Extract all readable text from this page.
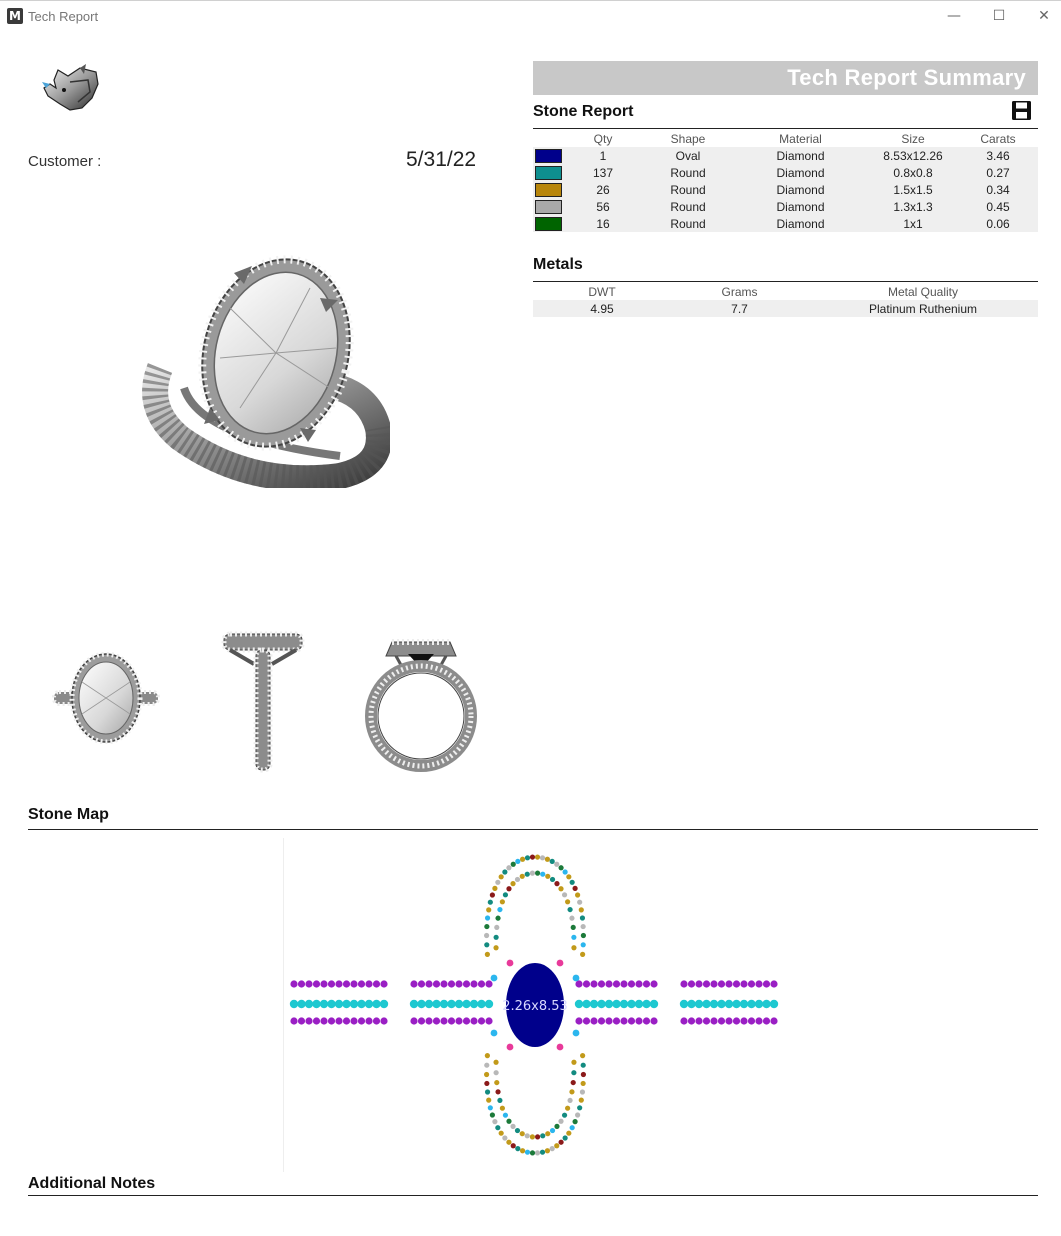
M Tech Report	—	☐	✕
Customer :	5/31/22
Tech Report Summary
Stone Report
	Qty	Shape	Material	Size	Carats
	1	Oval	Diamond	8.53x12.26	3.46
	137	Round	Diamond	0.8x0.8	0.27
	26	Round	Diamond	1.5x1.5	0.34
	56	Round	Diamond	1.3x1.3	0.45
	16	Round	Diamond	1x1	0.06
Metals
DWT	Grams	Metal Quality
4.95	7.7	Platinum Ruthenium
Stone Map
2.26x8.53
Additional Notes
